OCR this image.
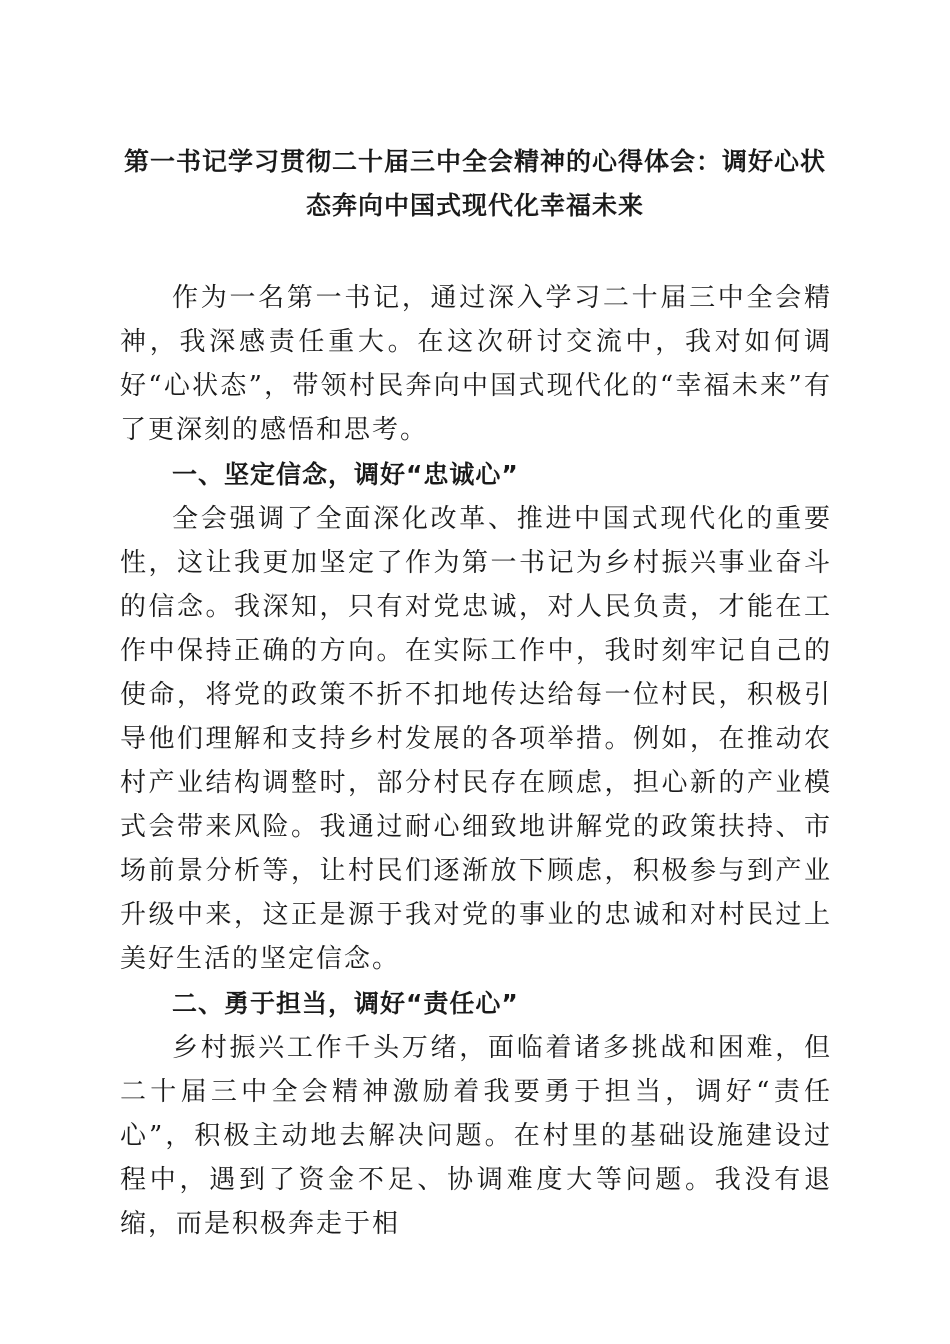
第一书记学习贯彻二十届三中全会精神的心得体会：调好心状
态奔向中国式现代化幸福未来

作为一名第一书记，通过深入学习二十届三中全会精神，我深感责任重大。在这次研讨交流中，我对如何调好“心状态”，带领村民奔向中国式现代化的“幸福未来”有了更深刻的感悟和思考。

一、坚定信念，调好“忠诚心”

全会强调了全面深化改革、推进中国式现代化的重要性，这让我更加坚定了作为第一书记为乡村振兴事业奋斗的信念。我深知，只有对党忠诚，对人民负责，才能在工作中保持正确的方向。在实际工作中，我时刻牢记自己的使命，将党的政策不折不扣地传达给每一位村民，积极引导他们理解和支持乡村发展的各项举措。例如，在推动农村产业结构调整时，部分村民存在顾虑，担心新的产业模式会带来风险。我通过耐心细致地讲解党的政策扶持、市场前景分析等，让村民们逐渐放下顾虑，积极参与到产业升级中来，这正是源于我对党的事业的忠诚和对村民过上美好生活的坚定信念。

二、勇于担当，调好“责任心”

乡村振兴工作千头万绪，面临着诸多挑战和困难，但二十届三中全会精神激励着我要勇于担当，调好“责任心”，积极主动地去解决问题。在村里的基础设施建设过程中，遇到了资金不足、协调难度大等问题。我没有退缩，而是积极奔走于相
